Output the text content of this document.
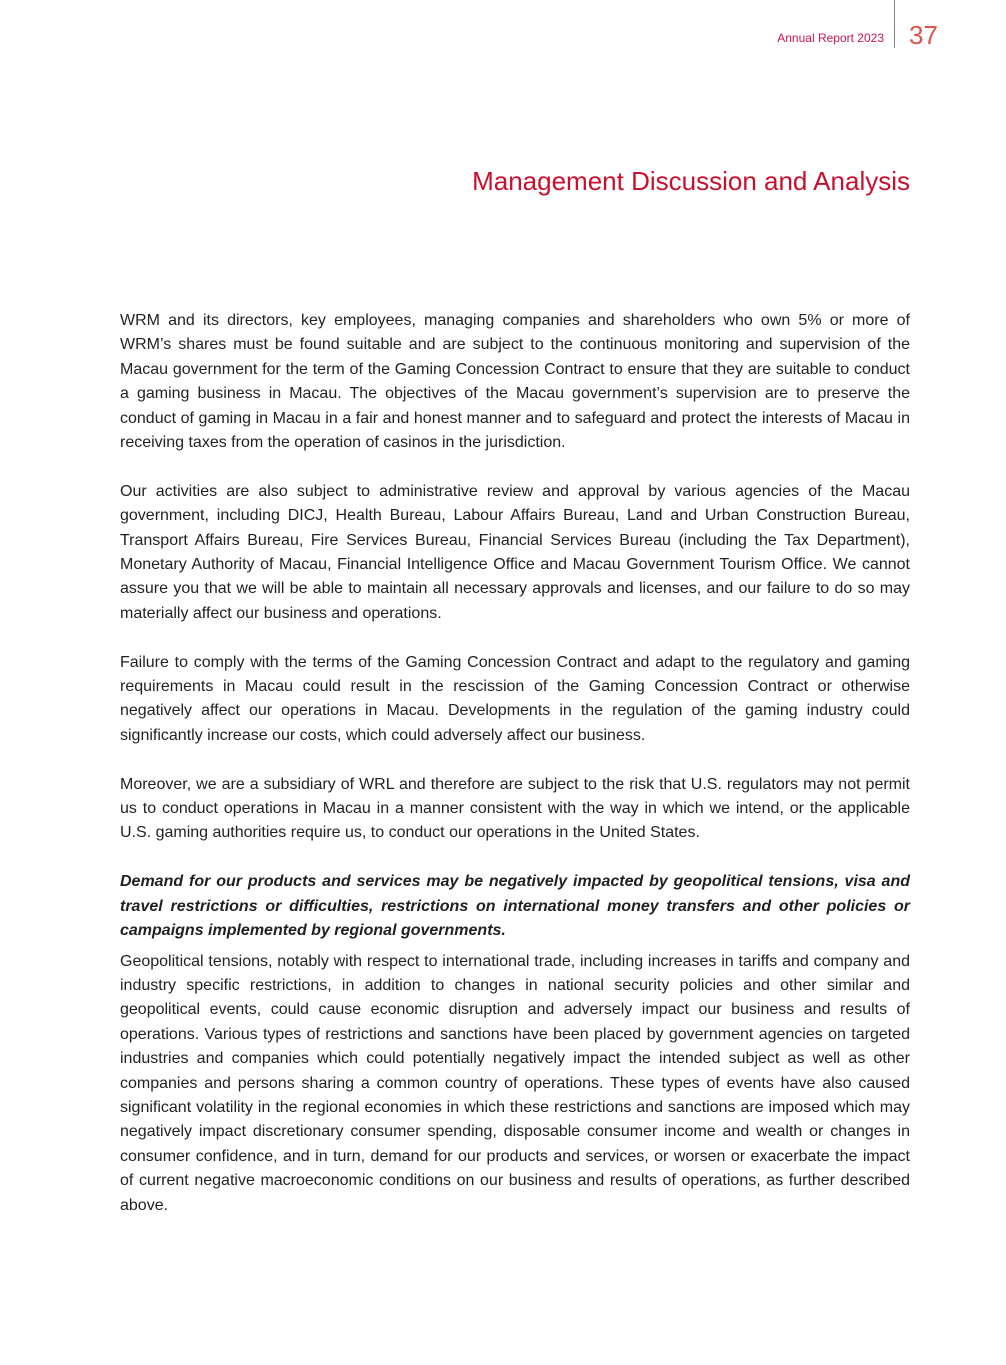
Annual Report 2023 37
Management Discussion and Analysis

WRM and its directors, key employees, managing companies and shareholders who own 5% or more of WRM’s shares must be found suitable and are subject to the continuous monitoring and supervision of the Macau government for the term of the Gaming Concession Contract to ensure that they are suitable to conduct a gaming business in Macau. The objectives of the Macau government’s supervision are to preserve the conduct of gaming in Macau in a fair and honest manner and to safeguard and protect the interests of Macau in receiving taxes from the operation of casinos in the jurisdiction.

Our activities are also subject to administrative review and approval by various agencies of the Macau government, including DICJ, Health Bureau, Labour Affairs Bureau, Land and Urban Construction Bureau, Transport Affairs Bureau, Fire Services Bureau, Financial Services Bureau (including the Tax Department), Monetary Authority of Macau, Financial Intelligence Office and Macau Government Tourism Office. We cannot assure you that we will be able to maintain all necessary approvals and licenses, and our failure to do so may materially affect our business and operations.

Failure to comply with the terms of the Gaming Concession Contract and adapt to the regulatory and gaming requirements in Macau could result in the rescission of the Gaming Concession Contract or otherwise negatively affect our operations in Macau. Developments in the regulation of the gaming industry could significantly increase our costs, which could adversely affect our business.

Moreover, we are a subsidiary of WRL and therefore are subject to the risk that U.S. regulators may not permit us to conduct operations in Macau in a manner consistent with the way in which we intend, or the applicable U.S. gaming authorities require us, to conduct our operations in the United States.

Demand for our products and services may be negatively impacted by geopolitical tensions, visa and travel restrictions or difficulties, restrictions on international money transfers and other policies or campaigns implemented by regional governments.

Geopolitical tensions, notably with respect to international trade, including increases in tariffs and company and industry specific restrictions, in addition to changes in national security policies and other similar and geopolitical events, could cause economic disruption and adversely impact our business and results of operations. Various types of restrictions and sanctions have been placed by government agencies on targeted industries and companies which could potentially negatively impact the intended subject as well as other companies and persons sharing a common country of operations. These types of events have also caused significant volatility in the regional economies in which these restrictions and sanctions are imposed which may negatively impact discretionary consumer spending, disposable consumer income and wealth or changes in consumer confidence, and in turn, demand for our products and services, or worsen or exacerbate the impact of current negative macroeconomic conditions on our business and results of operations, as further described above.
